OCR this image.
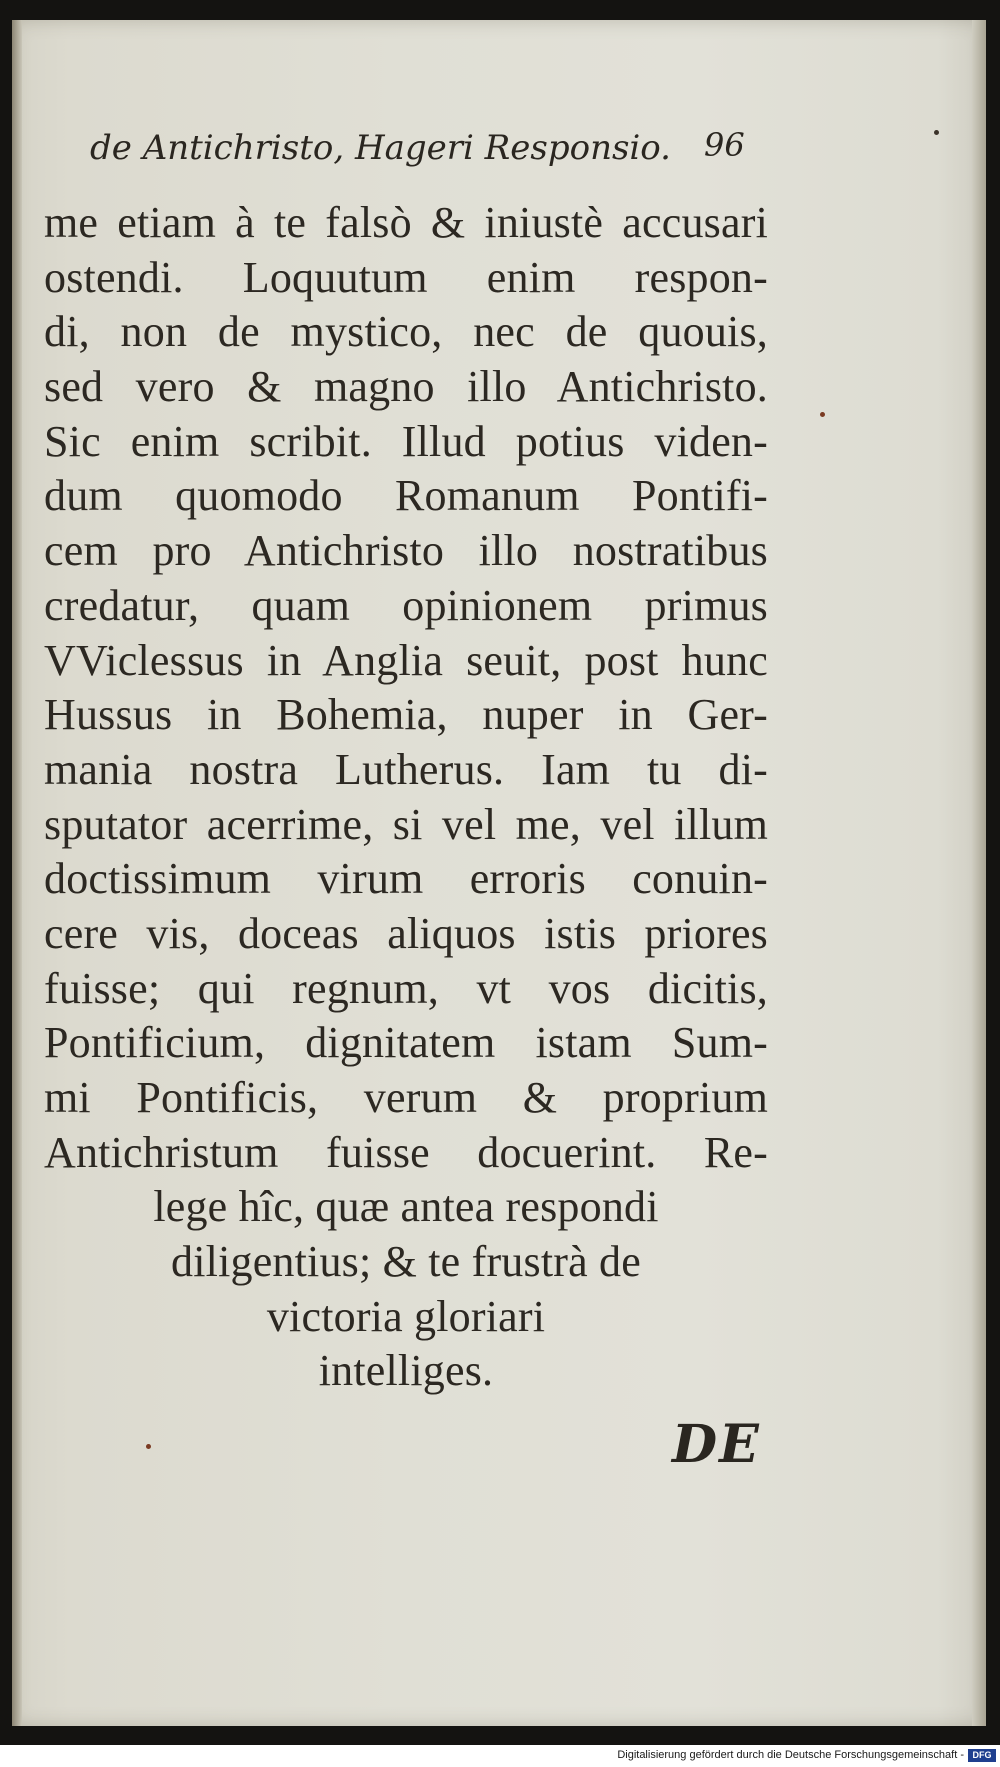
de Antichristo, Hageri Responsio.	96
me etiam à te falsò & iniustè accusari
ostendi. Loquutum enim respon-
di, non de mystico, nec de quouis,
sed vero & magno illo Antichristo.
Sic enim scribit. Illud potius viden-
dum quomodo Romanum Pontifi-
cem pro Antichristo illo nostratibus
credatur, quam opinionem primus
VViclessus in Anglia seuit, post hunc
Hussus in Bohemia, nuper in Ger-
mania nostra Lutherus. Iam tu di-
sputator acerrime, si vel me, vel illum
doctissimum virum erroris conuin-
cere vis, doceas aliquos istis priores
fuisse; qui regnum, vt vos dicitis,
Pontificium, dignitatem istam Sum-
mi Pontificis, verum & proprium
Antichristum fuisse docuerint. Re-
lege hîc, quæ antea respondi
diligentius; & te frustrà de
victoria gloriari
intelliges.
DE
Digitalisierung gefördert durch die Deutsche Forschungsgemeinschaft - DFG
